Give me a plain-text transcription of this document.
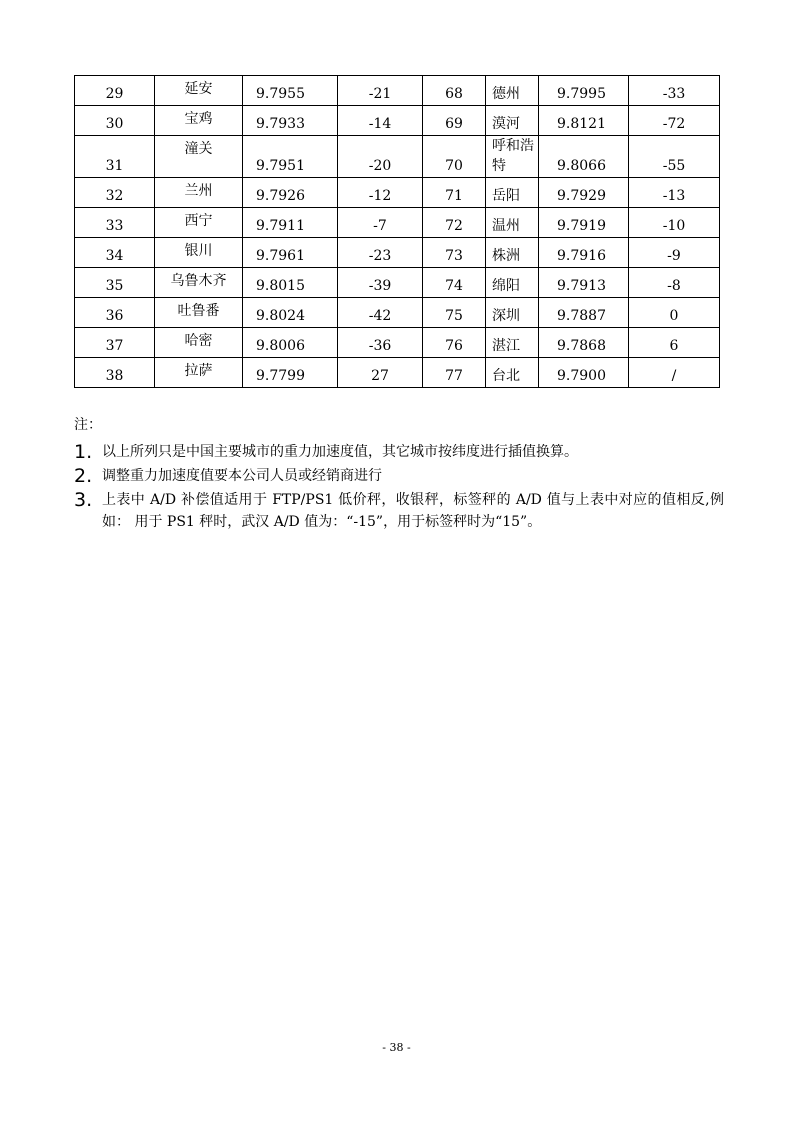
29	延安	9.7955	-21	68	德州	9.7995	-33
30	宝鸡	9.7933	-14	69	漠河	9.8121	-72
31	潼关	9.7951	-20	70	呼和浩特	9.8066	-55
32	兰州	9.7926	-12	71	岳阳	9.7929	-13
33	西宁	9.7911	-7	72	温州	9.7919	-10
34	银川	9.7961	-23	73	株洲	9.7916	-9
35	乌鲁木齐	9.8015	-39	74	绵阳	9.7913	-8
36	吐鲁番	9.8024	-42	75	深圳	9.7887	0
37	哈密	9.8006	-36	76	湛江	9.7868	6
38	拉萨	9.7799	27	77	台北	9.7900	/
注：
1. 以上所列只是中国主要城市的重力加速度值，其它城市按纬度进行插值换算。
2. 调整重力加速度值要本公司人员或经销商进行
3. 上表中 A/D 补偿值适用于 FTP/PS1 低价秤，收银秤，标签秤的 A/D 值与上表中对应的值相反,例如： 用于 PS1 秤时，武汉 A/D 值为：“-15”，用于标签秤时为“15”。
- 38 -
